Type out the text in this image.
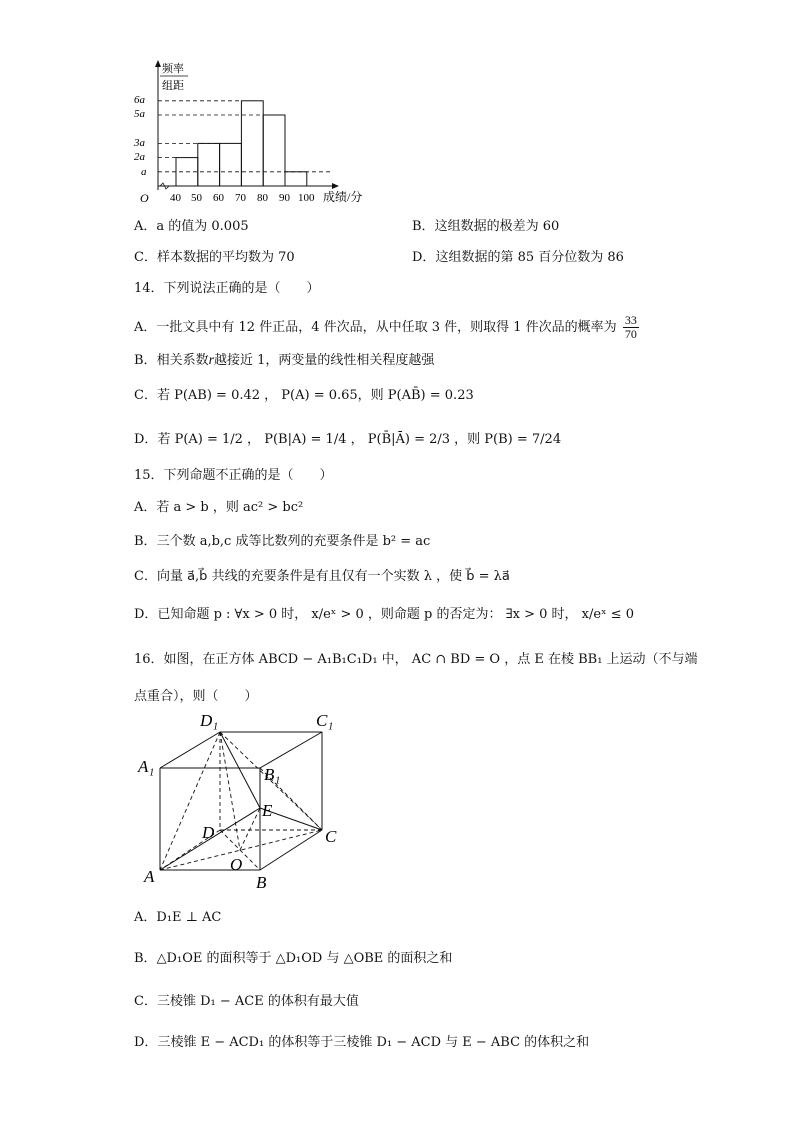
频率
组距
6a
5a
3a
2a
a
O 40 50 60 70 80 90 100 成绩/分
A．a 的值为 0.005	B．这组数据的极差为 60
C．样本数据的平均数为 70	D．这组数据的第 85 百分位数为 86
14．下列说法正确的是（　　）
A．一批文具中有 12 件正品，4 件次品，从中任取 3 件，则取得 1 件次品的概率为 $\frac{33}{70}$
B．相关系数r越接近 1，两变量的线性相关程度越强
C．若 P(AB) = 0.42 ， P(A) = 0.65，则 P(AB̄) = 0.23
D．若 P(A) = 1/2 ， P(B|A) = 1/4 ， P(B̄|Ā) = 2/3 ，则 P(B) = 7/24
15．下列命题不正确的是（　　）
A．若 a > b ，则 ac² > bc²
B．三个数 a,b,c 成等比数列的充要条件是 b² = ac
C．向量 a⃗,b⃗ 共线的充要条件是有且仅有一个实数 λ ，使 b⃗ = λa⃗
D．已知命题 p : ∀x > 0 时， x/eˣ > 0 ，则命题 p 的否定为： ∃x > 0 时， x/eˣ ≤ 0
16．如图，在正方体 ABCD − A₁B₁C₁D₁ 中， AC ∩ BD = O ，点 E 在棱 BB₁ 上运动（不与端
点重合），则（　　）
D₁	C₁
A₁	B₁
E
D	C
A
O
B
A．D₁E ⊥ AC
B．△D₁OE 的面积等于 △D₁OD 与 △OBE 的面积之和
C．三棱锥 D₁ − ACE 的体积有最大值
D．三棱锥 E − ACD₁ 的体积等于三棱锥 D₁ − ACD 与 E − ABC 的体积之和
